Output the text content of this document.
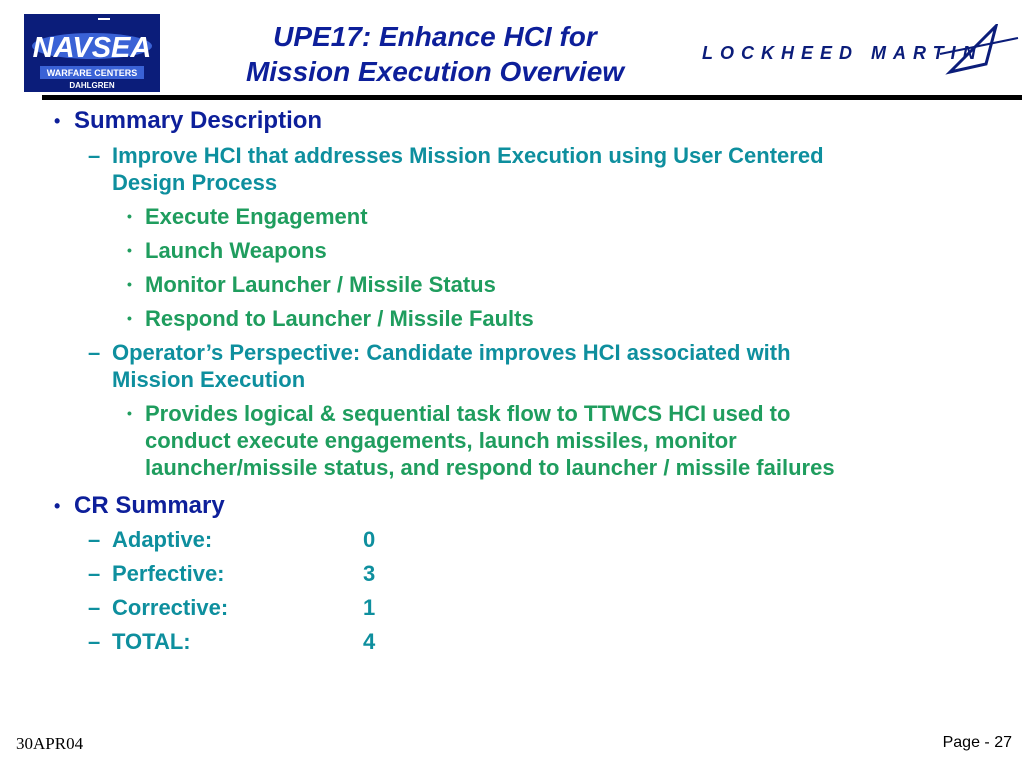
NAVSEA
WARFARE CENTERS
DAHLGREN
UPE17: Enhance HCI for
Mission Execution Overview
LOCKHEED MARTIN
• Summary Description
– Improve HCI that addresses Mission Execution using User Centered
Design Process
• Execute Engagement
• Launch Weapons
• Monitor Launcher / Missile Status
• Respond to Launcher / Missile Faults
– Operator’s Perspective: Candidate improves HCI associated with
Mission Execution
• Provides logical & sequential task flow to TTWCS HCI used to
conduct execute engagements, launch missiles, monitor
launcher/missile status, and respond to launcher / missile failures
• CR Summary
– Adaptive:	0
– Perfective:	3
– Corrective:	1
– TOTAL:	4
30APR04	Page - 27
